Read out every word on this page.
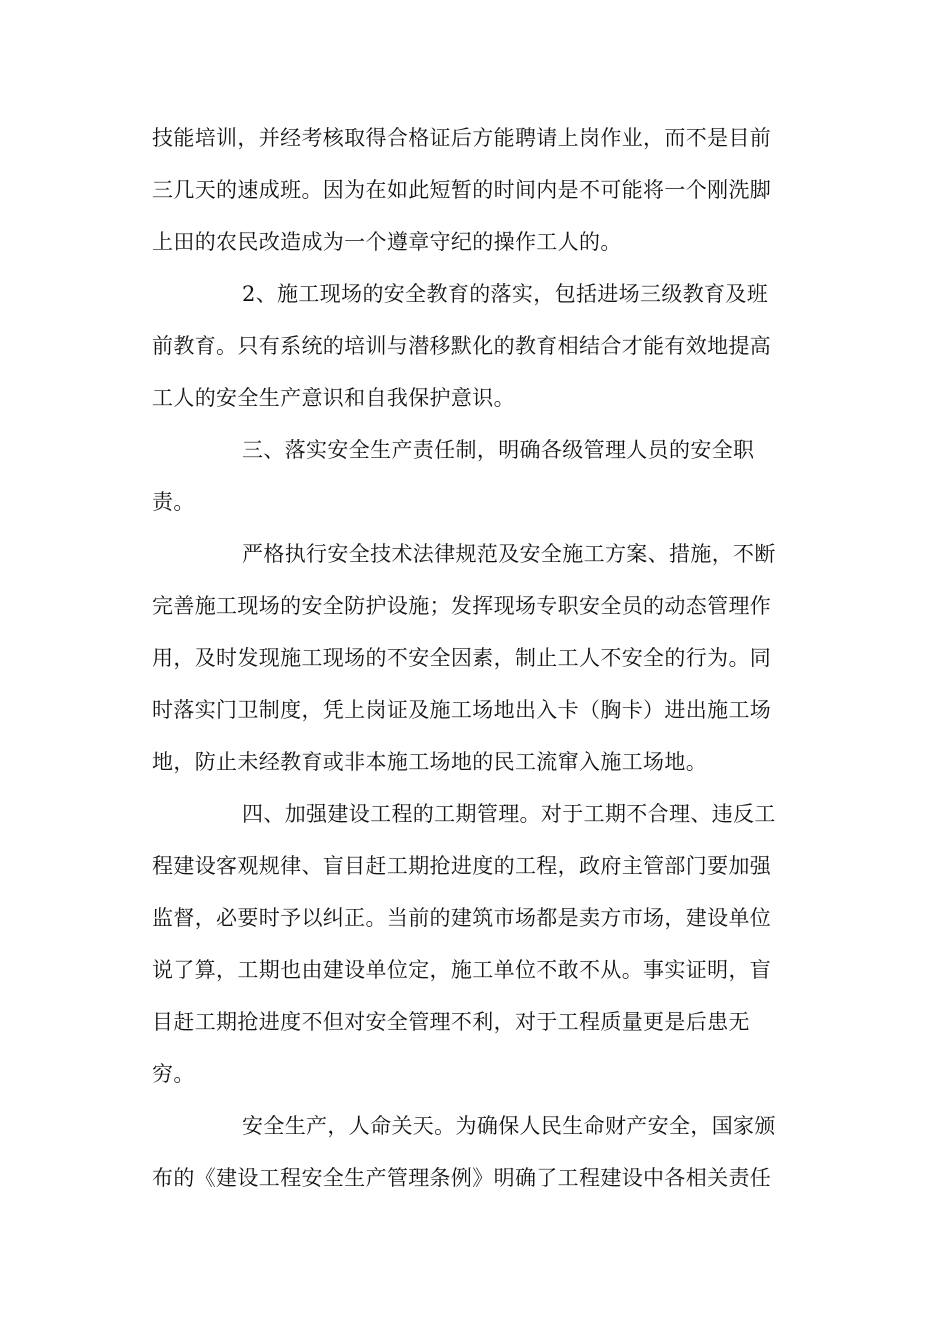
技能培训，并经考核取得合格证后方能聘请上岗作业，而不是目前
三几天的速成班。因为在如此短暂的时间内是不可能将一个刚洗脚
上田的农民改造成为一个遵章守纪的操作工人的。
2、施工现场的安全教育的落实，包括进场三级教育及班
前教育。只有系统的培训与潜移默化的教育相结合才能有效地提高
工人的安全生产意识和自我保护意识。
三、落实安全生产责任制，明确各级管理人员的安全职
责。
严格执行安全技术法律规范及安全施工方案、措施，不断
完善施工现场的安全防护设施；发挥现场专职安全员的动态管理作
用，及时发现施工现场的不安全因素，制止工人不安全的行为。同
时落实门卫制度，凭上岗证及施工场地出入卡（胸卡）进出施工场
地，防止未经教育或非本施工场地的民工流窜入施工场地。
四、加强建设工程的工期管理。对于工期不合理、违反工
程建设客观规律、盲目赶工期抢进度的工程，政府主管部门要加强
监督，必要时予以纠正。当前的建筑市场都是卖方市场，建设单位
说了算，工期也由建设单位定，施工单位不敢不从。事实证明，盲
目赶工期抢进度不但对安全管理不利，对于工程质量更是后患无
穷。
安全生产，人命关天。为确保人民生命财产安全，国家颁
布的《建设工程安全生产管理条例》明确了工程建设中各相关责任
